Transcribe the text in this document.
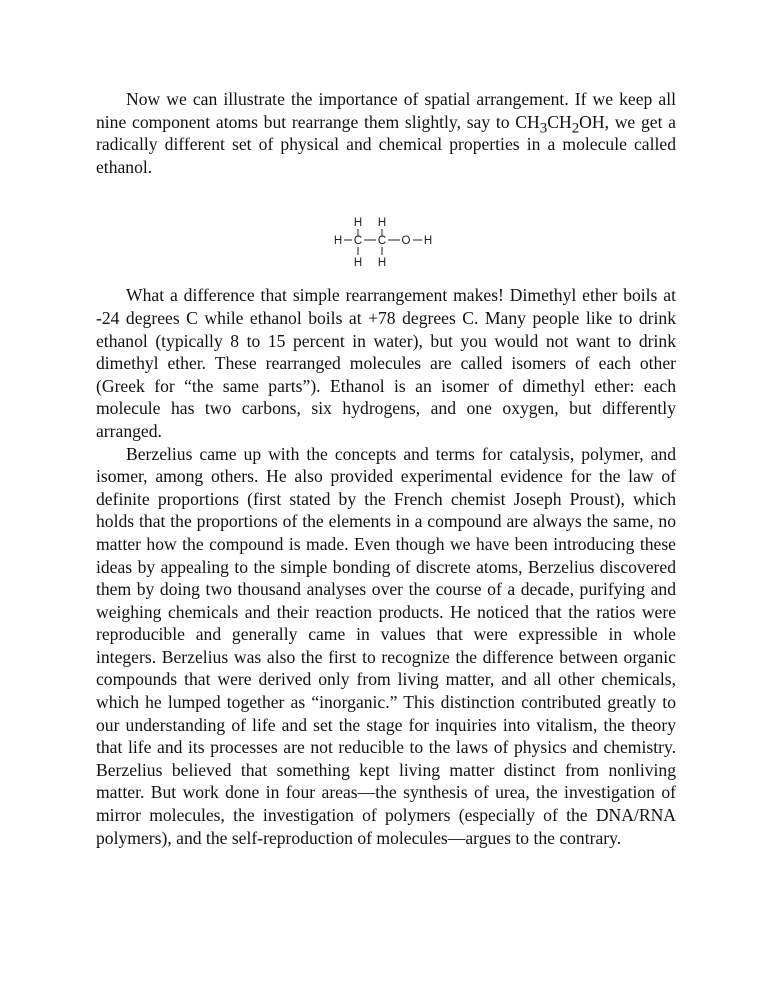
Now we can illustrate the importance of spatial arrangement. If we keep all nine component atoms but rearrange them slightly, say to $CH_3CH_2OH$, we get a radically different set of physical and chemical properties in a molecule called ethanol.

H H
H C C O H
H H

What a difference that simple rearrangement makes! Dimethyl ether boils at -24 degrees C while ethanol boils at +78 degrees C. Many people like to drink ethanol (typically 8 to 15 percent in water), but you would not want to drink dimethyl ether. These rearranged molecules are called isomers of each other (Greek for “the same parts”). Ethanol is an isomer of dimethyl ether: each molecule has two carbons, six hydrogens, and one oxygen, but differently arranged.

Berzelius came up with the concepts and terms for catalysis, polymer, and isomer, among others. He also provided experimental evidence for the law of definite proportions (first stated by the French chemist Joseph Proust), which holds that the proportions of the elements in a compound are always the same, no matter how the compound is made. Even though we have been introducing these ideas by appealing to the simple bonding of discrete atoms, Berzelius discovered them by doing two thousand analyses over the course of a decade, purifying and weighing chemicals and their reaction products. He noticed that the ratios were reproducible and generally came in values that were expressible in whole integers. Berzelius was also the first to recognize the difference between organic compounds that were derived only from living matter, and all other chemicals, which he lumped together as “inorganic.” This distinction contributed greatly to our understanding of life and set the stage for inquiries into vitalism, the theory that life and its processes are not reducible to the laws of physics and chemistry. Berzelius believed that something kept living matter distinct from nonliving matter. But work done in four areas—the synthesis of urea, the investigation of mirror molecules, the investigation of polymers (especially of the DNA/RNA polymers), and the self-reproduction of molecules—argues to the contrary.
